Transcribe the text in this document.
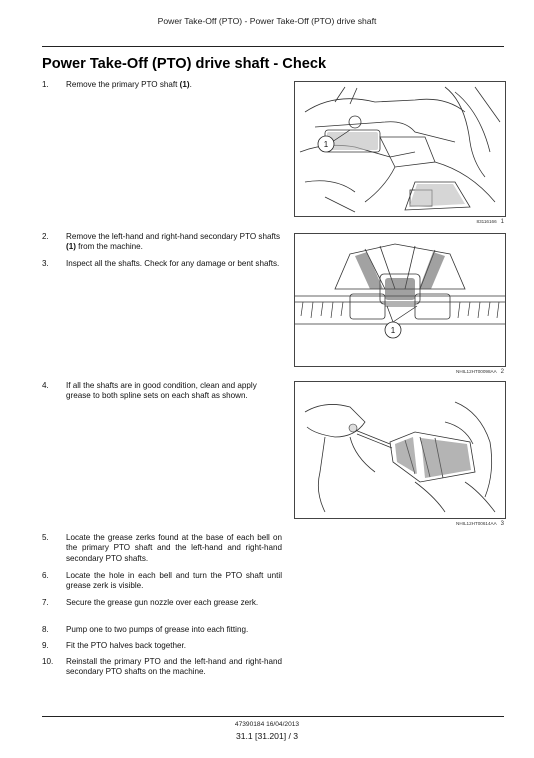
Power Take-Off (PTO) - Power Take-Off (PTO) drive shaft
Power Take-Off (PTO) drive shaft - Check
1. Remove the primary PTO shaft (1).
2. Remove the left-hand and right-hand secondary PTO shafts (1) from the machine.
3. Inspect all the shafts. Check for any damage or bent shafts.
4. If all the shafts are in good condition, clean and apply grease to both spline sets on each shaft as shown.
5. Locate the grease zerks found at the base of each bell on the primary PTO shaft and the left-hand and right-hand secondary PTO shafts.
6. Locate the hole in each bell and turn the PTO shaft until grease zerk is visible.
7. Secure the grease gun nozzle over each grease zerk.
8. Pump one to two pumps of grease into each fitting.
9. Fit the PTO halves back together.
10. Reinstall the primary PTO and the left-hand and right-hand secondary PTO shafts on the machine.
1
83116166 1
1
NHIL12HT00098AA 2
NHIL12HT00614AA 3
47390184 16/04/2013
31.1 [31.201] / 3
